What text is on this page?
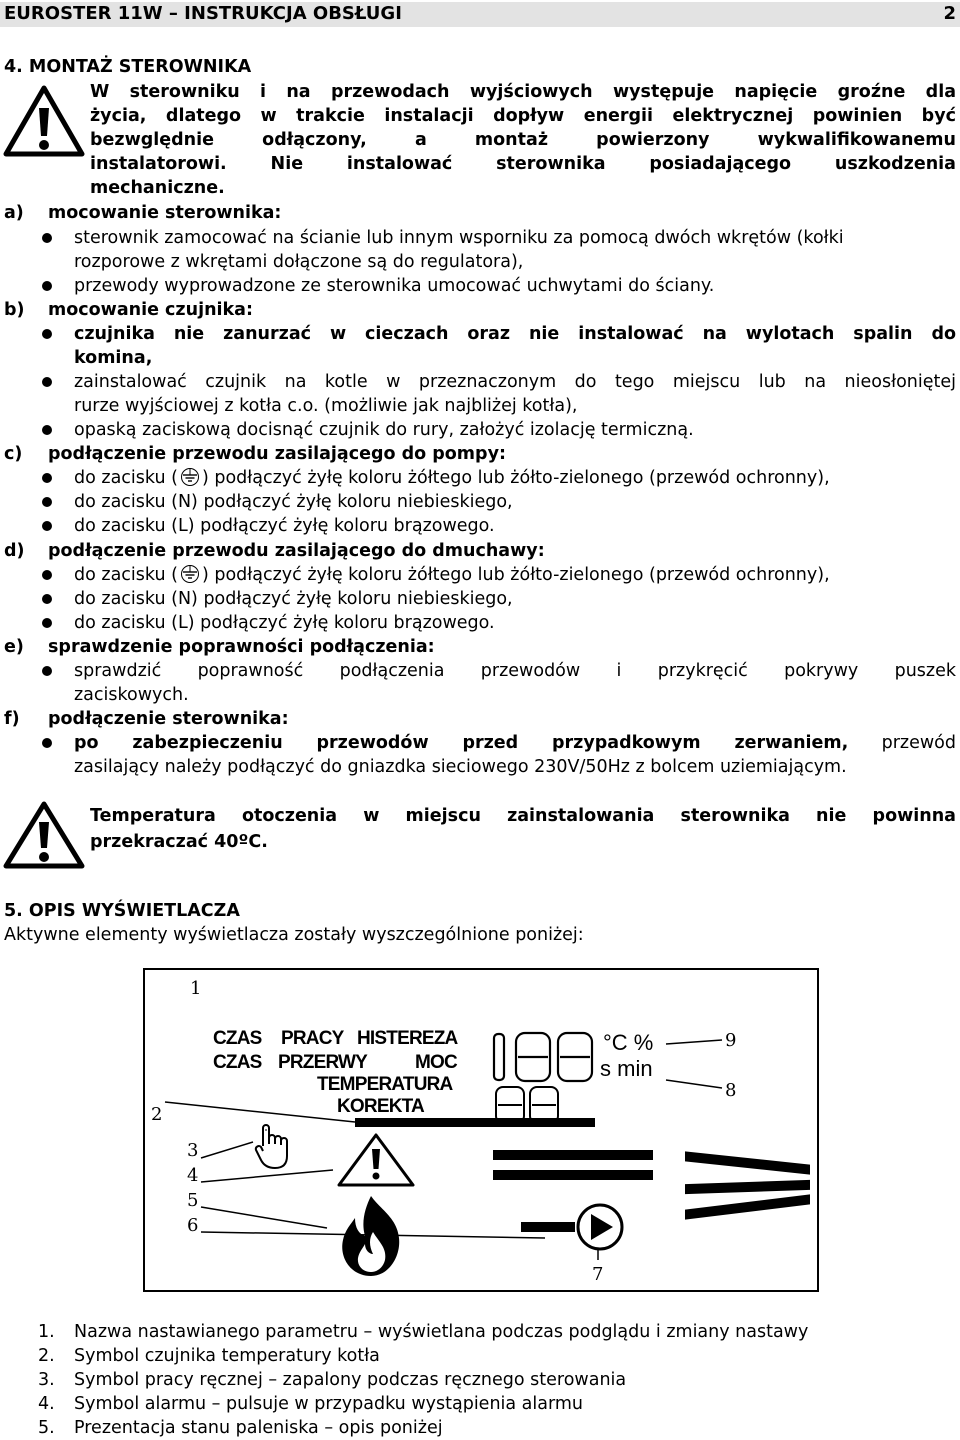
EUROSTER 11W – INSTRUKCJA OBSŁUGI	2
4. MONTAŻ STEROWNIKA
W sterowniku i na przewodach wyjściowych występuje napięcie groźne dla
życia, dlatego w trakcie instalacji dopływ energii elektrycznej powinien być
bezwględnie odłączony, a montaż powierzony wykwalifikowanemu
instalatorowi. Nie instalować sterownika posiadającego uszkodzenia
mechaniczne.
a) mocowanie sterownika:
sterownik zamocować na ścianie lub innym wsporniku za pomocą dwóch wkrętów (kołki
rozporowe z wkrętami dołączone są do regulatora),
przewody wyprowadzone ze sterownika umocować uchwytami do ściany.
b) mocowanie czujnika:
czujnika nie zanurzać w cieczach oraz nie instalować na wylotach spalin do
komina,
zainstalować czujnik na kotle w przeznaczonym do tego miejscu lub na nieosłoniętej
rurze wyjściowej z kotła c.o. (możliwie jak najbliżej kotła),
opaską zaciskową docisnąć czujnik do rury, założyć izolację termiczną.
c) podłączenie przewodu zasilającego do pompy:
do zacisku ( ) podłączyć żyłę koloru żółtego lub żółto-zielonego (przewód ochronny),
do zacisku (N) podłączyć żyłę koloru niebieskiego,
do zacisku (L) podłączyć żyłę koloru brązowego.
d) podłączenie przewodu zasilającego do dmuchawy:
do zacisku ( ) podłączyć żyłę koloru żółtego lub żółto-zielonego (przewód ochronny),
do zacisku (N) podłączyć żyłę koloru niebieskiego,
do zacisku (L) podłączyć żyłę koloru brązowego.
e) sprawdzenie poprawności podłączenia:
sprawdzić poprawność podłączenia przewodów i przykręcić pokrywy puszek
zaciskowych.
f) podłączenie sterownika:
po zabezpieczeniu przewodów przed przypadkowym zerwaniem, przewód
zasilający należy podłączyć do gniazdka sieciowego 230V/50Hz z bolcem uziemiającym.
Temperatura otoczenia w miejscu zainstalowania sterownika nie powinna
przekraczać 40ºC.
5. OPIS WYŚWIETLACZA
Aktywne elementy wyświetlacza zostały wyszczególnione poniżej:
1
2
3
4
5
6
7
8
9
CZAS PRACY HISTEREZA
CZAS PRZERWY	MOC
TEMPERATURA
KOREKTA
°C %
s min
1. Nazwa nastawianego parametru – wyświetlana podczas podglądu i zmiany nastawy
2. Symbol czujnika temperatury kotła
3. Symbol pracy ręcznej – zapalony podczas ręcznego sterowania
4. Symbol alarmu – pulsuje w przypadku wystąpienia alarmu
5. Prezentacja stanu paleniska – opis poniżej
